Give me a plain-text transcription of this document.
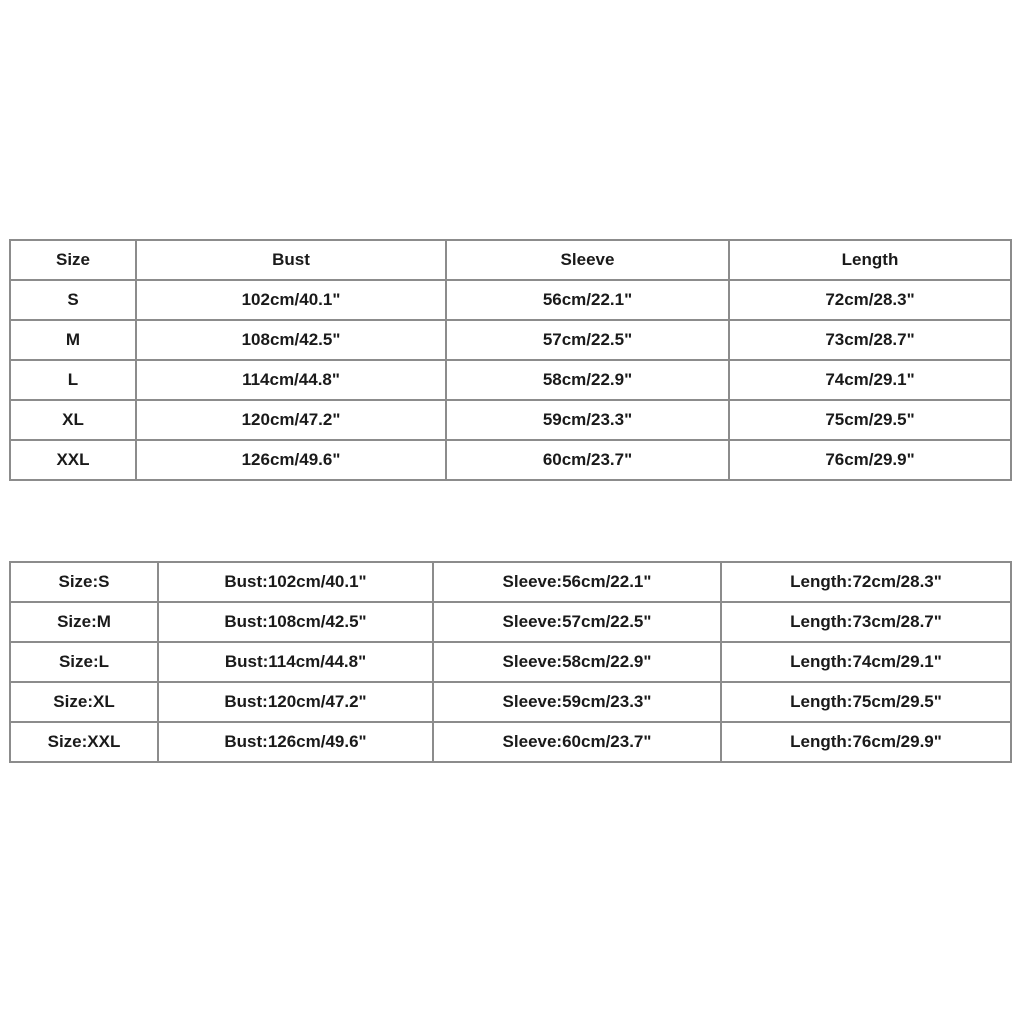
Size	Bust	Sleeve	Length
S	102cm/40.1"	56cm/22.1"	72cm/28.3"
M	108cm/42.5"	57cm/22.5"	73cm/28.7"
L	114cm/44.8"	58cm/22.9"	74cm/29.1"
XL	120cm/47.2"	59cm/23.3"	75cm/29.5"
XXL	126cm/49.6"	60cm/23.7"	76cm/29.9"
Size:S	Bust:102cm/40.1"	Sleeve:56cm/22.1"	Length:72cm/28.3"
Size:M	Bust:108cm/42.5"	Sleeve:57cm/22.5"	Length:73cm/28.7"
Size:L	Bust:114cm/44.8"	Sleeve:58cm/22.9"	Length:74cm/29.1"
Size:XL	Bust:120cm/47.2"	Sleeve:59cm/23.3"	Length:75cm/29.5"
Size:XXL	Bust:126cm/49.6"	Sleeve:60cm/23.7"	Length:76cm/29.9"
